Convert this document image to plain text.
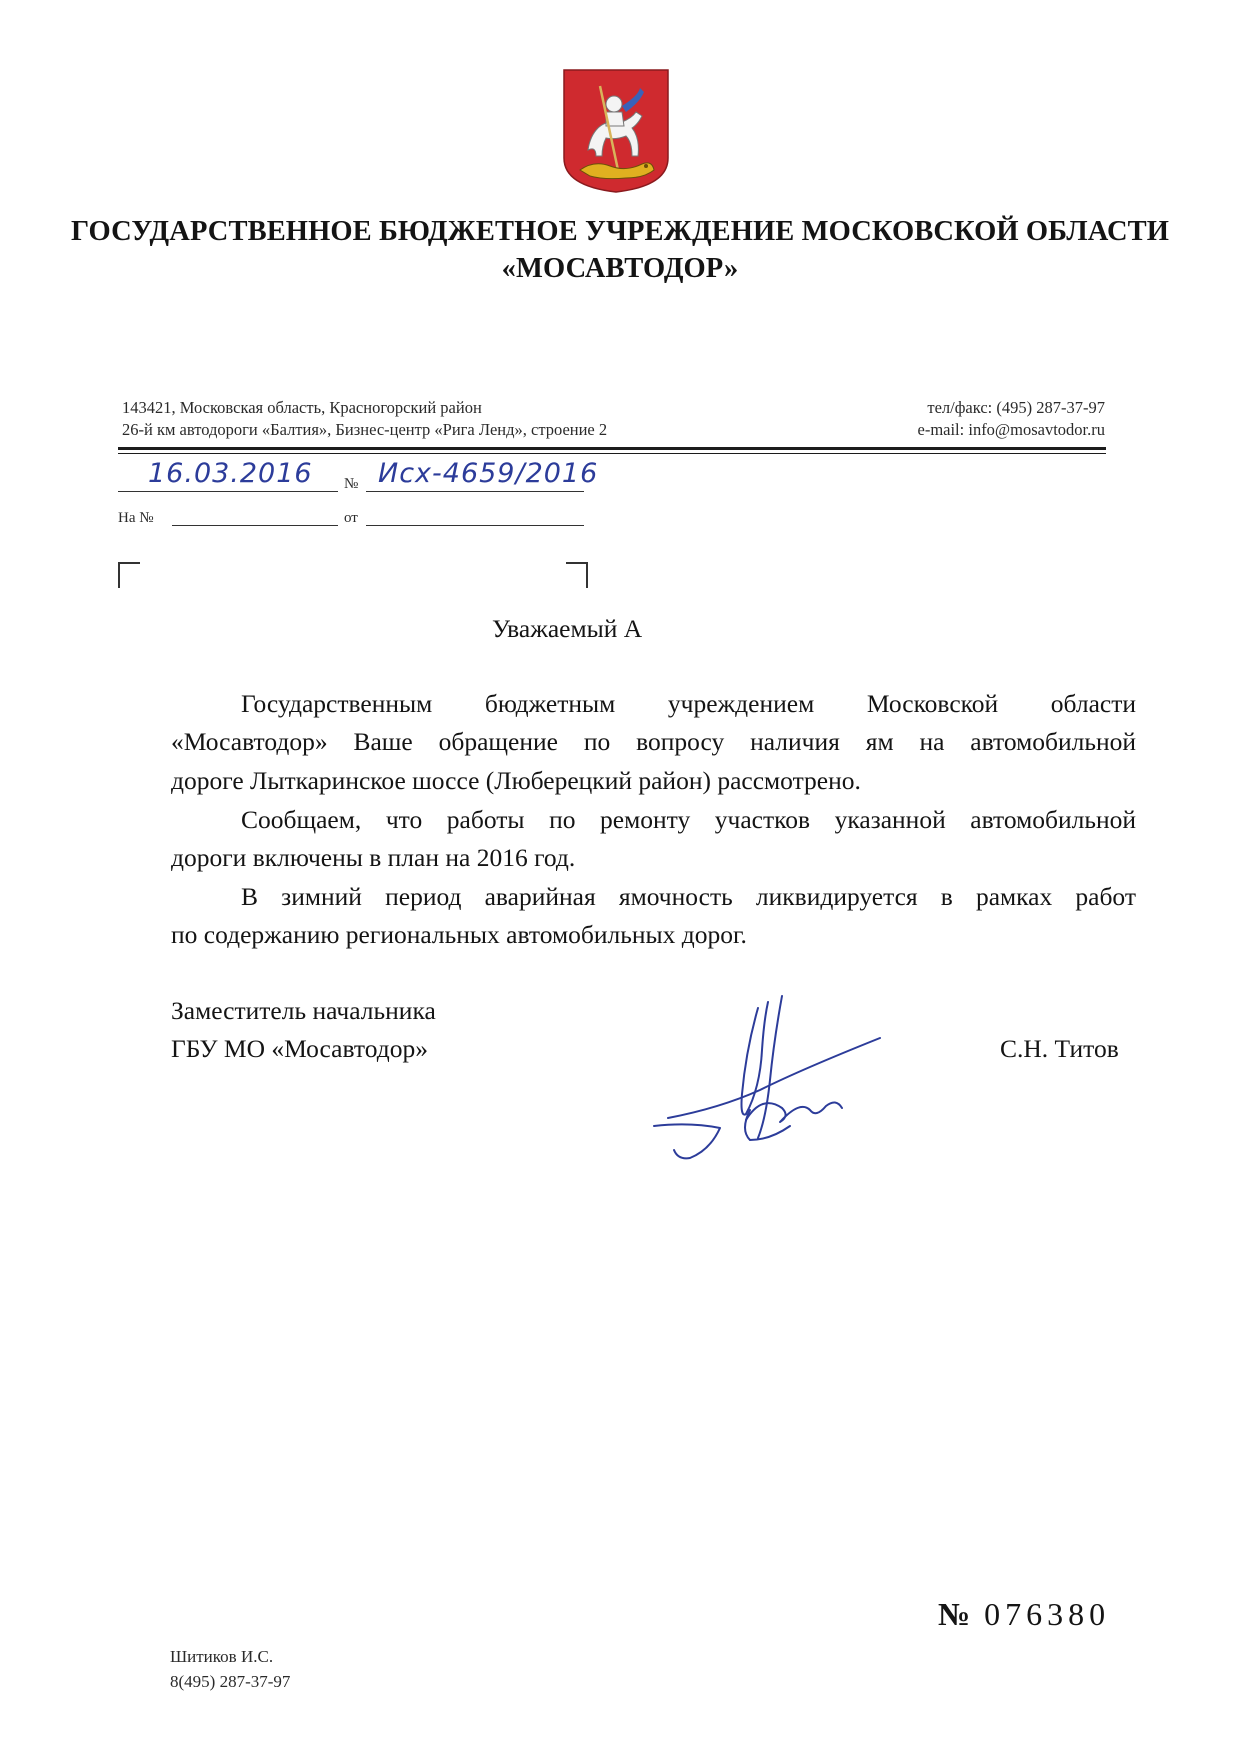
ГОСУДАРСТВЕННОЕ БЮДЖЕТНОЕ УЧРЕЖДЕНИЕ МОСКОВСКОЙ ОБЛАСТИ
«МОСАВТОДОР»
143421, Московская область, Красногорский район
26-й км автодороги «Балтия», Бизнес-центр «Рига Ленд», строение 2
тел/факс: (495) 287-37-97
e-mail: info@mosavtodor.ru
16.03.2016 № Исх-4659/2016
На №	от
Уважаемый А
Государственным бюджетным учреждением Московской области
«Мосавтодор» Ваше обращение по вопросу наличия ям на автомобильной
дороге Лыткаринское шоссе (Люберецкий район) рассмотрено.
Сообщаем, что работы по ремонту участков указанной автомобильной
дороги включены в план на 2016 год.
В зимний период аварийная ямочность ликвидируется в рамках работ
по содержанию региональных автомобильных дорог.
Заместитель начальника
ГБУ МО «Мосавтодор»	С.Н. Титов
№ 076380
Шитиков И.С.
8(495) 287-37-97
